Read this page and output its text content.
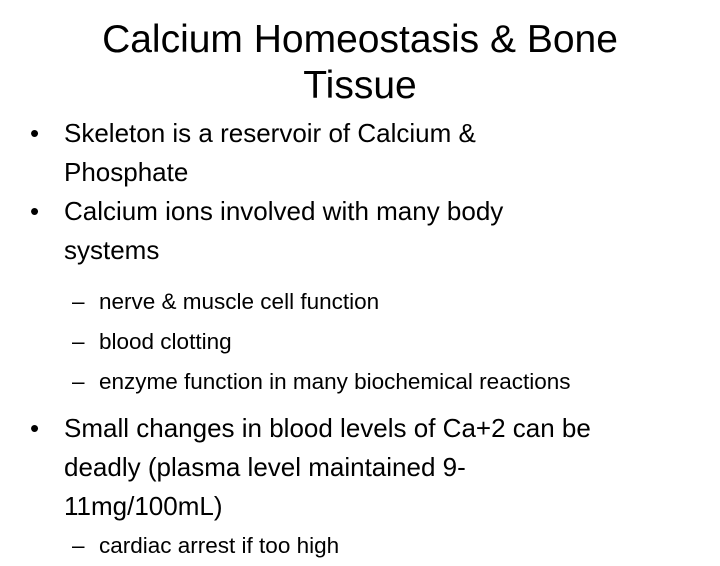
Calcium Homeostasis & Bone
Tissue
• Skeleton is a reservoir of Calcium &
Phosphate
• Calcium ions involved with many body
systems
– nerve & muscle cell function
– blood clotting
– enzyme function in many biochemical reactions
• Small changes in blood levels of Ca+2 can be
deadly (plasma level maintained 9-
11mg/100mL)
– cardiac arrest if too high
